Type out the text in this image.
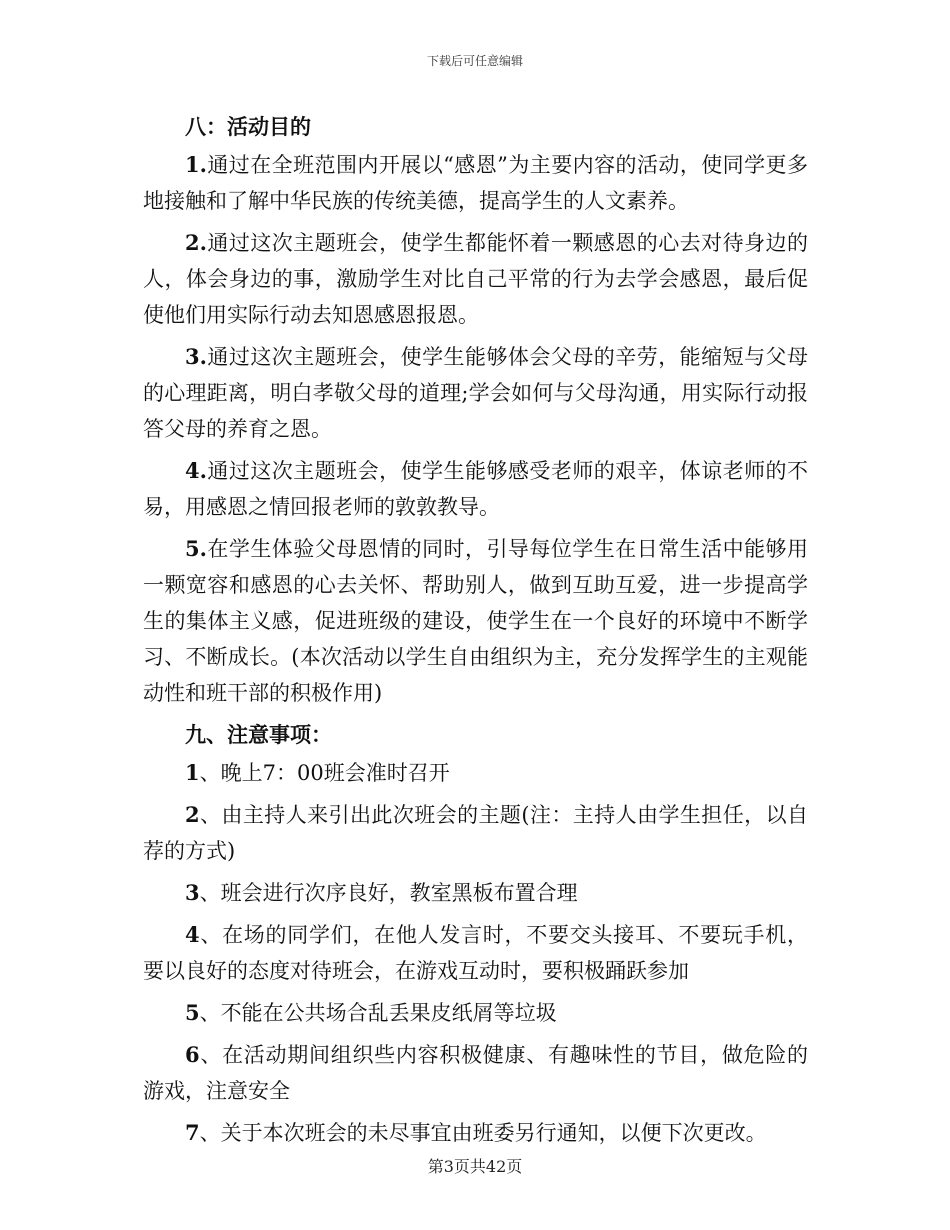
下载后可任意编辑

八：活动目的

1.通过在全班范围内开展以“感恩”为主要内容的活动，使同学更多地接触和了解中华民族的传统美德，提高学生的人文素养。

2.通过这次主题班会，使学生都能怀着一颗感恩的心去对待身边的人，体会身边的事，激励学生对比自己平常的行为去学会感恩，最后促使他们用实际行动去知恩感恩报恩。

3.通过这次主题班会，使学生能够体会父母的辛劳，能缩短与父母的心理距离，明白孝敬父母的道理;学会如何与父母沟通，用实际行动报答父母的养育之恩。

4.通过这次主题班会，使学生能够感受老师的艰辛，体谅老师的不易，用感恩之情回报老师的敦敦教导。

5.在学生体验父母恩情的同时，引导每位学生在日常生活中能够用一颗宽容和感恩的心去关怀、帮助别人，做到互助互爱，进一步提高学生的集体主义感，促进班级的建设，使学生在一个良好的环境中不断学习、不断成长。(本次活动以学生自由组织为主，充分发挥学生的主观能动性和班干部的积极作用)

九、注意事项：

1、晚上7：00班会准时召开

2、由主持人来引出此次班会的主题(注：主持人由学生担任，以自荐的方式)

3、班会进行次序良好，教室黑板布置合理

4、在场的同学们，在他人发言时，不要交头接耳、不要玩手机，要以良好的态度对待班会，在游戏互动时，要积极踊跃参加

5、不能在公共场合乱丢果皮纸屑等垃圾

6、在活动期间组织些内容积极健康、有趣味性的节目，做危险的游戏，注意安全

7、关于本次班会的未尽事宜由班委另行通知，以便下次更改。

第3页共42页
